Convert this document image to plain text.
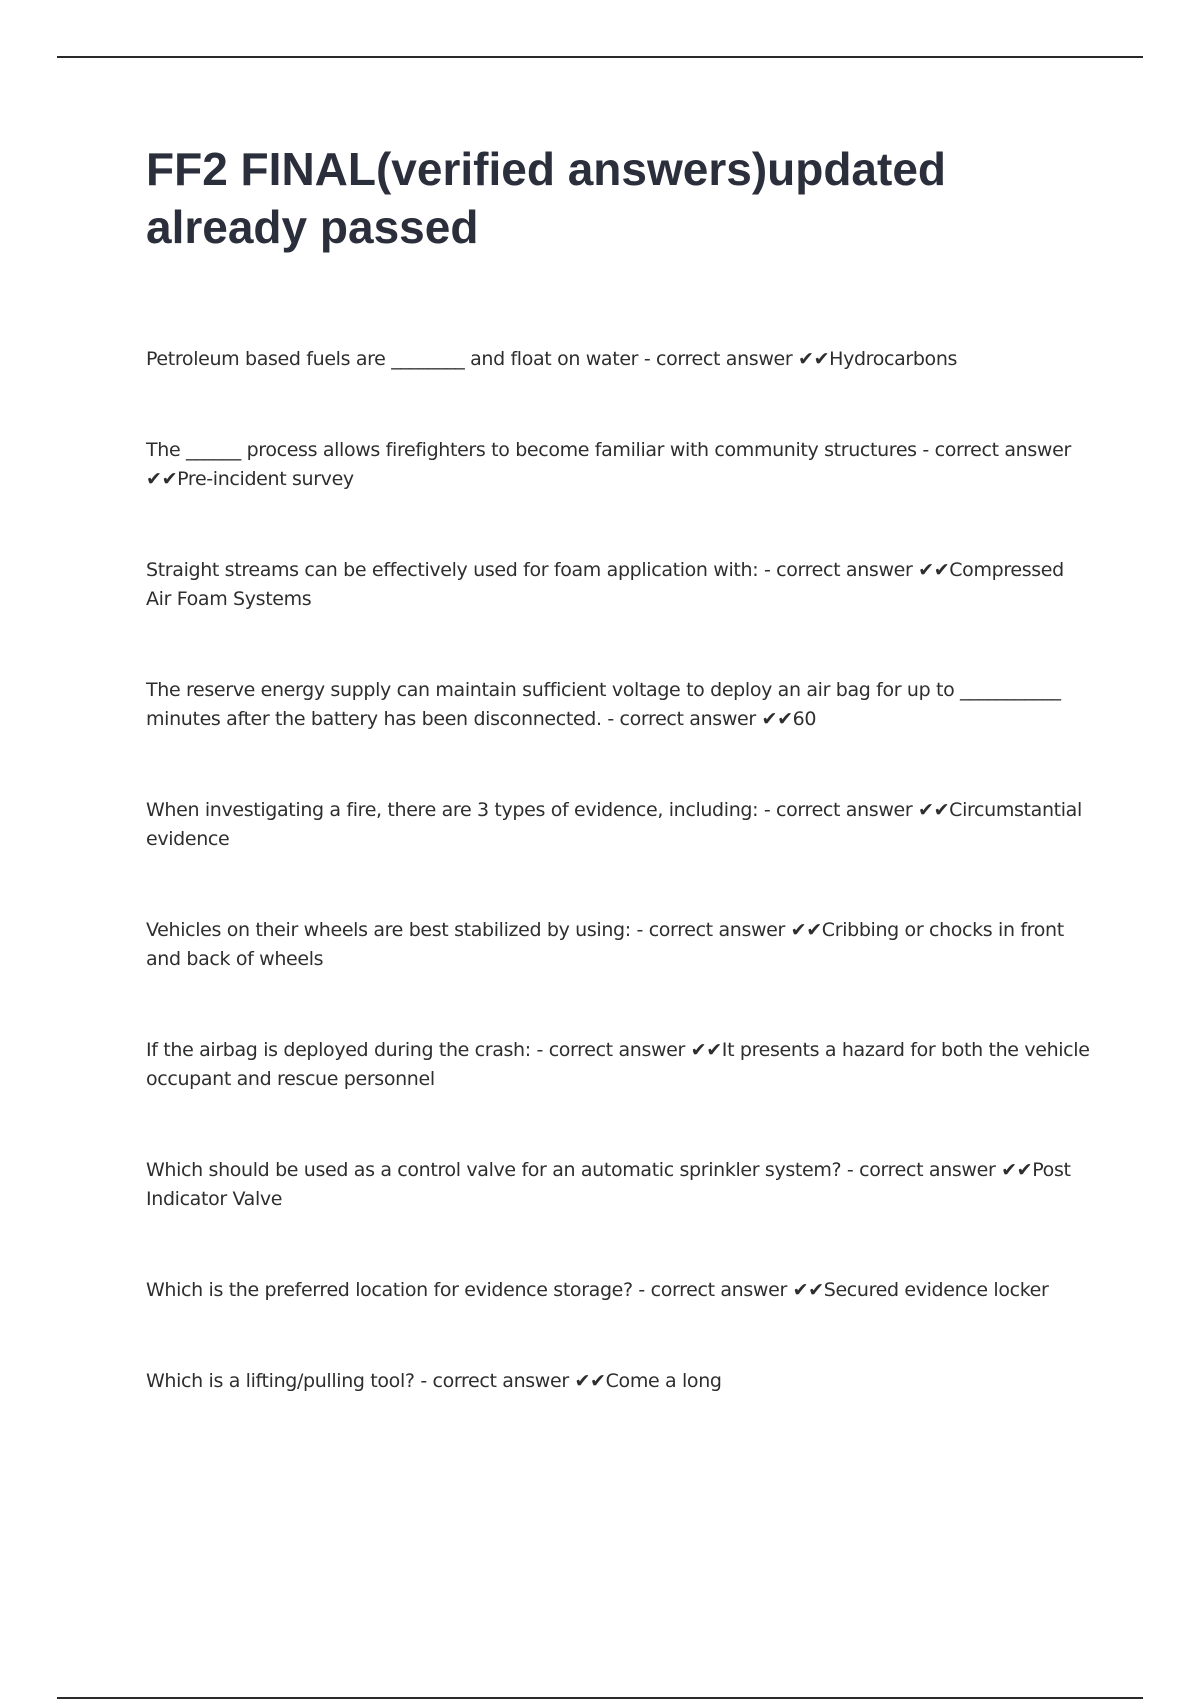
FF2 FINAL(verified answers)updated already passed

Petroleum based fuels are ________ and float on water - correct answer ✔✔Hydrocarbons

The ______ process allows firefighters to become familiar with community structures - correct answer ✔✔Pre-incident survey

Straight streams can be effectively used for foam application with: - correct answer ✔✔Compressed Air Foam Systems

The reserve energy supply can maintain sufficient voltage to deploy an air bag for up to ___________ minutes after the battery has been disconnected. - correct answer ✔✔60

When investigating a fire, there are 3 types of evidence, including: - correct answer ✔✔Circumstantial evidence

Vehicles on their wheels are best stabilized by using: - correct answer ✔✔Cribbing or chocks in front and back of wheels

If the airbag is deployed during the crash: - correct answer ✔✔It presents a hazard for both the vehicle occupant and rescue personnel

Which should be used as a control valve for an automatic sprinkler system? - correct answer ✔✔Post Indicator Valve

Which is the preferred location for evidence storage? - correct answer ✔✔Secured evidence locker

Which is a lifting/pulling tool? - correct answer ✔✔Come a long
